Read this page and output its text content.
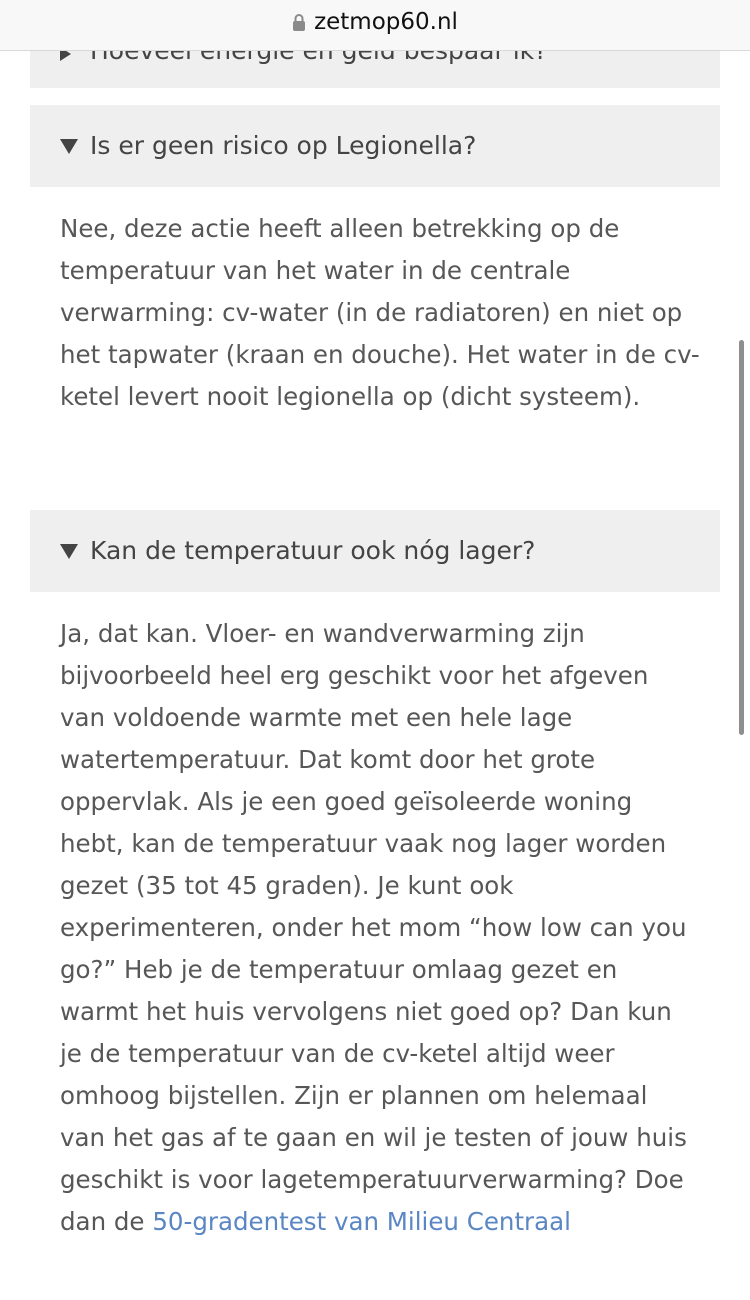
zetmop60.nl
Is er geen risico op Legionella?

Nee, deze actie heeft alleen betrekking op de temperatuur van het water in de centrale verwarming: cv-water (in de radiatoren) en niet op het tapwater (kraan en douche). Het water in de cv-ketel levert nooit legionella op (dicht systeem).

Kan de temperatuur ook nóg lager?

Ja, dat kan. Vloer- en wandverwarming zijn bijvoorbeeld heel erg geschikt voor het afgeven van voldoende warmte met een hele lage watertemperatuur. Dat komt door het grote oppervlak. Als je een goed geïsoleerde woning hebt, kan de temperatuur vaak nog lager worden gezet (35 tot 45 graden). Je kunt ook experimenteren, onder het mom “how low can you go?” Heb je de temperatuur omlaag gezet en warmt het huis vervolgens niet goed op? Dan kun je de temperatuur van de cv-ketel altijd weer omhoog bijstellen. Zijn er plannen om helemaal van het gas af te gaan en wil je testen of jouw huis geschikt is voor lagetemperatuurverwarming? Doe dan de 50-gradentest van Milieu Centraal
